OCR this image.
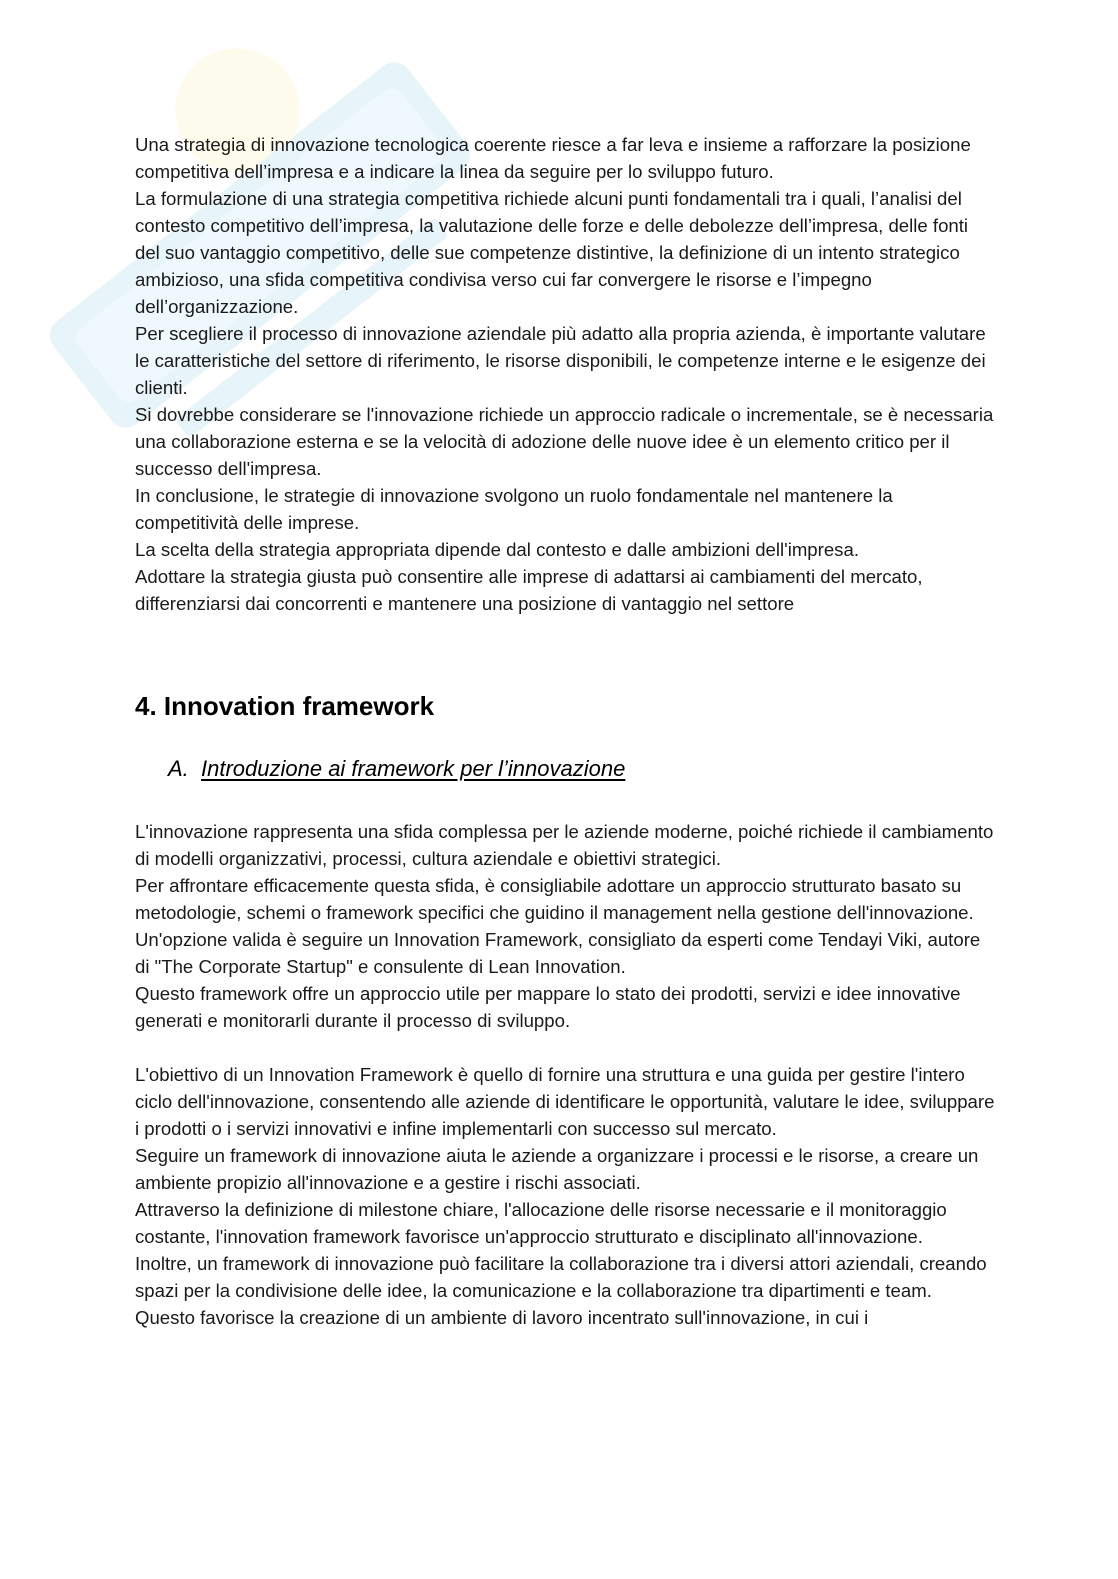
Una strategia di innovazione tecnologica coerente riesce a far leva e insieme a rafforzare la posizione competitiva dell’impresa e a indicare la linea da seguire per lo sviluppo futuro.

La formulazione di una strategia competitiva richiede alcuni punti fondamentali tra i quali, l’analisi del contesto competitivo dell’impresa, la valutazione delle forze e delle debolezze dell’impresa, delle fonti del suo vantaggio competitivo, delle sue competenze distintive, la definizione di un intento strategico ambizioso, una sfida competitiva condivisa verso cui far convergere le risorse e l’impegno dell’organizzazione.

Per scegliere il processo di innovazione aziendale più adatto alla propria azienda, è importante valutare le caratteristiche del settore di riferimento, le risorse disponibili, le competenze interne e le esigenze dei clienti.

Si dovrebbe considerare se l'innovazione richiede un approccio radicale o incrementale, se è necessaria una collaborazione esterna e se la velocità di adozione delle nuove idee è un elemento critico per il successo dell'impresa.

In conclusione, le strategie di innovazione svolgono un ruolo fondamentale nel mantenere la competitività delle imprese.

La scelta della strategia appropriata dipende dal contesto e dalle ambizioni dell'impresa.

Adottare la strategia giusta può consentire alle imprese di adattarsi ai cambiamenti del mercato, differenziarsi dai concorrenti e mantenere una posizione di vantaggio nel settore

4. Innovation framework
A. Introduzione ai framework per l’innovazione

L'innovazione rappresenta una sfida complessa per le aziende moderne, poiché richiede il cambiamento di modelli organizzativi, processi, cultura aziendale e obiettivi strategici.

Per affrontare efficacemente questa sfida, è consigliabile adottare un approccio strutturato basato su metodologie, schemi o framework specifici che guidino il management nella gestione dell'innovazione.

Un'opzione valida è seguire un Innovation Framework, consigliato da esperti come Tendayi Viki, autore di "The Corporate Startup" e consulente di Lean Innovation.

Questo framework offre un approccio utile per mappare lo stato dei prodotti, servizi e idee innovative generati e monitorarli durante il processo di sviluppo.

L'obiettivo di un Innovation Framework è quello di fornire una struttura e una guida per gestire l'intero ciclo dell'innovazione, consentendo alle aziende di identificare le opportunità, valutare le idee, sviluppare i prodotti o i servizi innovativi e infine implementarli con successo sul mercato.

Seguire un framework di innovazione aiuta le aziende a organizzare i processi e le risorse, a creare un ambiente propizio all'innovazione e a gestire i rischi associati.

Attraverso la definizione di milestone chiare, l'allocazione delle risorse necessarie e il monitoraggio costante, l'innovation framework favorisce un'approccio strutturato e disciplinato all'innovazione.

Inoltre, un framework di innovazione può facilitare la collaborazione tra i diversi attori aziendali, creando spazi per la condivisione delle idee, la comunicazione e la collaborazione tra dipartimenti e team.

Questo favorisce la creazione di un ambiente di lavoro incentrato sull'innovazione, in cui i
